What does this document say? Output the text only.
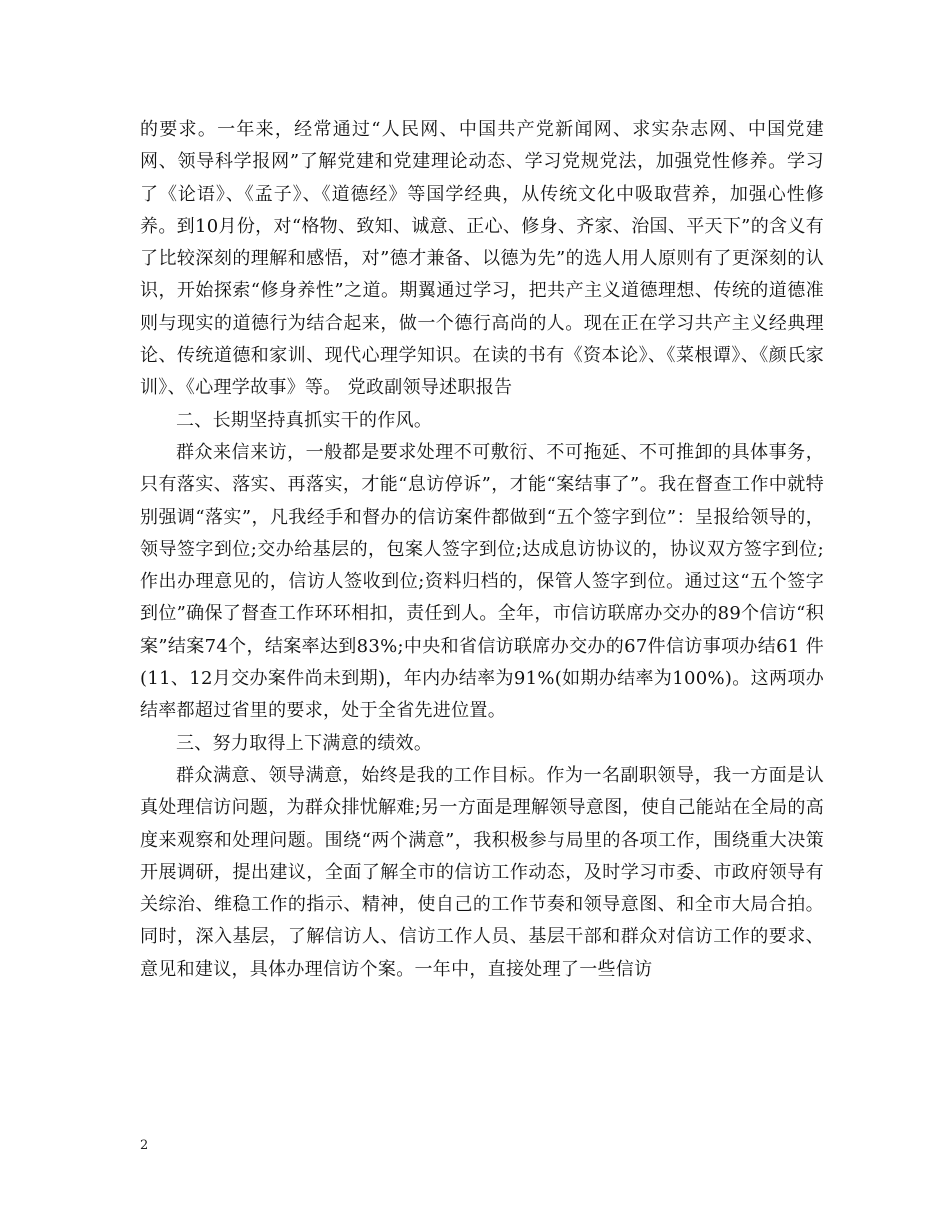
的要求。一年来，经常通过“人民网、中国共产党新闻网、求实杂志网、中国党建网、领导科学报网”了解党建和党建理论动态、学习党规党法，加强党性修养。学习了《论语》、《孟子》、《道德经》等国学经典，从传统文化中吸取营养，加强心性修养。到10月份，对“格物、致知、诚意、正心、修身、齐家、治国、平天下”的含义有了比较深刻的理解和感悟，对”德才兼备、以德为先”的选人用人原则有了更深刻的认识，开始探索“修身养性”之道。期翼通过学习，把共产主义道德理想、传统的道德准则与现实的道德行为结合起来，做一个德行高尚的人。现在正在学习共产主义经典理论、传统道德和家训、现代心理学知识。在读的书有《资本论》、《菜根谭》、《颜氏家训》、《心理学故事》等。 党政副领导述职报告

二、长期坚持真抓实干的作风。

群众来信来访，一般都是要求处理不可敷衍、不可拖延、不可推卸的具体事务，只有落实、落实、再落实，才能“息访停诉”，才能“案结事了”。我在督查工作中就特别强调“落实”，凡我经手和督办的信访案件都做到“五个签字到位”：呈报给领导的，领导签字到位;交办给基层的，包案人签字到位;达成息访协议的，协议双方签字到位;作出办理意见的，信访人签收到位;资料归档的，保管人签字到位。通过这“五个签字到位”确保了督查工作环环相扣，责任到人。全年，市信访联席办交办的89个信访“积案”结案74个，结案率达到83%;中央和省信访联席办交办的67件信访事项办结61 件(11、12月交办案件尚未到期)，年内办结率为91%(如期办结率为100%)。这两项办结率都超过省里的要求，处于全省先进位置。

三、努力取得上下满意的绩效。

群众满意、领导满意，始终是我的工作目标。作为一名副职领导，我一方面是认真处理信访问题，为群众排忧解难;另一方面是理解领导意图，使自己能站在全局的高度来观察和处理问题。围绕“两个满意”，我积极参与局里的各项工作，围绕重大决策开展调研，提出建议，全面了解全市的信访工作动态，及时学习市委、市政府领导有关综治、维稳工作的指示、精神，使自己的工作节奏和领导意图、和全市大局合拍。同时，深入基层，了解信访人、信访工作人员、基层干部和群众对信访工作的要求、意见和建议，具体办理信访个案。一年中，直接处理了一些信访

2
